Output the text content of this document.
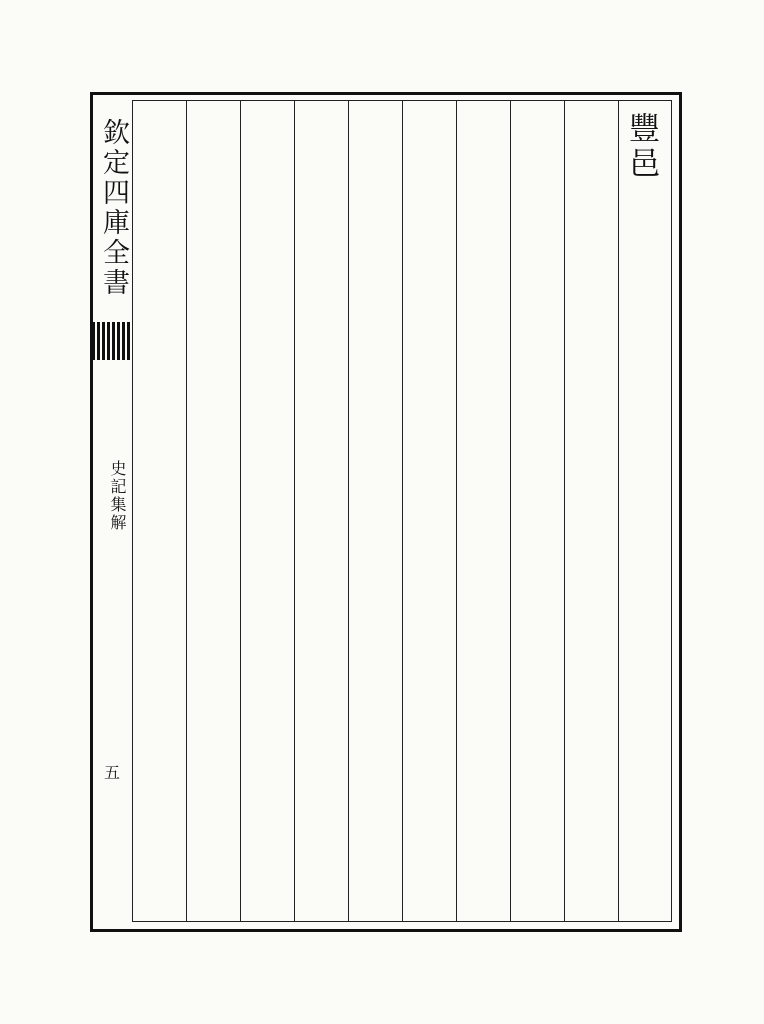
欽定四庫全書
史記集解
五
豐邑
